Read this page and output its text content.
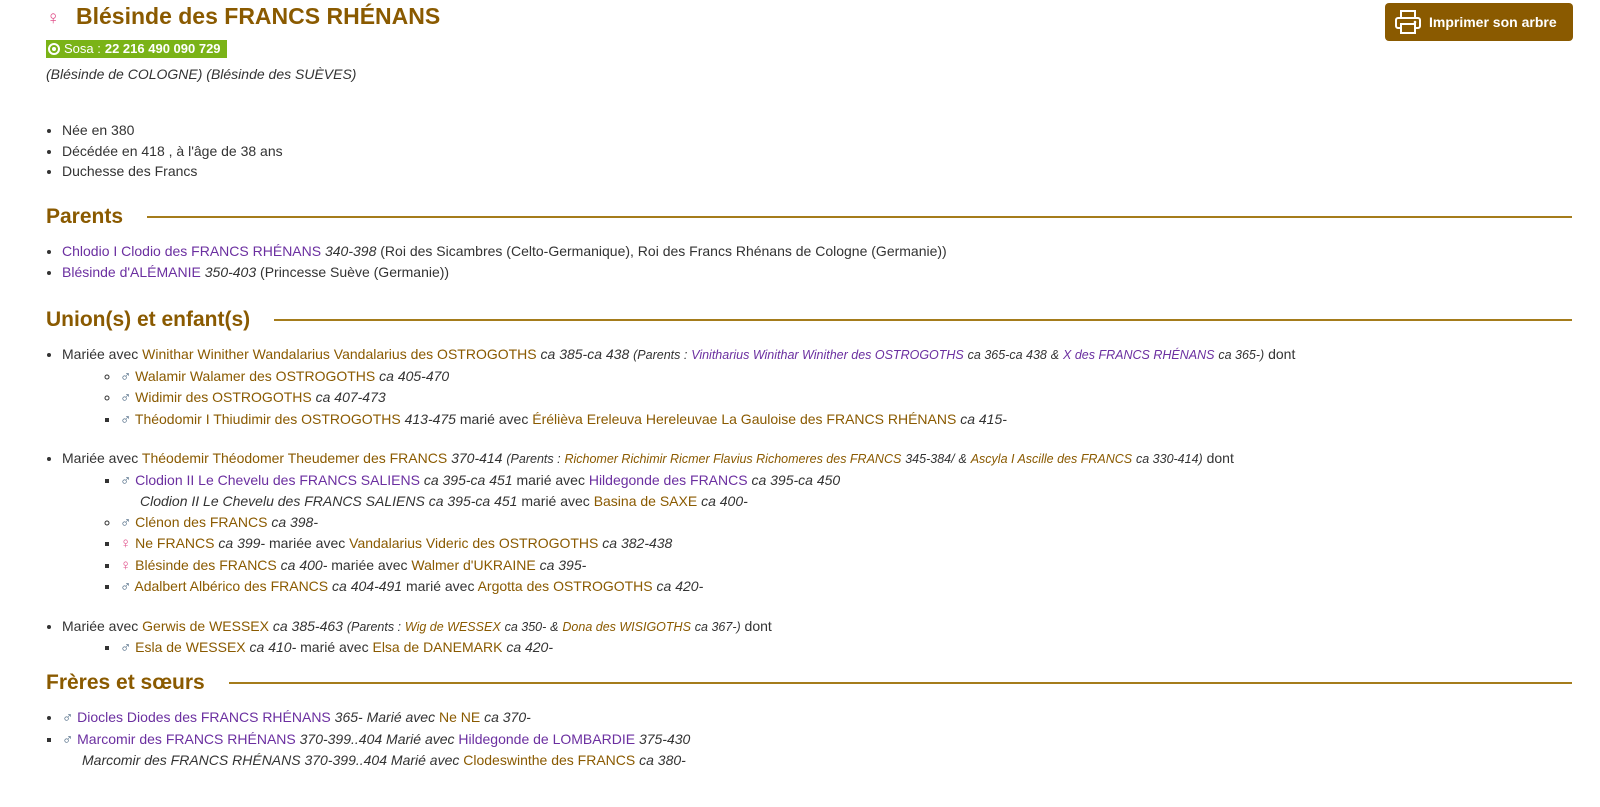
♀ Blésinde des FRANCS RHÉNANS
Sosa : 22 216 490 090 729
(Blésinde de COLOGNE) (Blésinde des SUÈVES)
Imprimer son arbre
• Née en 380
• Décédée en 418 , à l'âge de 38 ans
• Duchesse des Francs
Parents
• Chlodio I Clodio des FRANCS RHÉNANS 340-398 (Roi des Sicambres (Celto-Germanique), Roi des Francs Rhénans de Cologne (Germanie))
• Blésinde d'ALÉMANIE 350-403 (Princesse Suève (Germanie))
Union(s) et enfant(s)
• Mariée avec Winithar Winither Wandalarius Vandalarius des OSTROGOTHS ca 385-ca 438 (Parents : Vinitharius Winithar Winither des OSTROGOTHS ca 365-ca 438 & X des FRANCS RHÉNANS ca 365-) dont
◦ ♂ Walamir Walamer des OSTROGOTHS ca 405-470
◦ ♂ Widimir des OSTROGOTHS ca 407-473
▪ ♂ Théodomir I Thiudimir des OSTROGOTHS 413-475 marié avec Érélièva Ereleuva Hereleuvae La Gauloise des FRANCS RHÉNANS ca 415-
• Mariée avec Théodemir Théodomer Theudemer des FRANCS 370-414 (Parents : Richomer Richimir Ricmer Flavius Richomeres des FRANCS 345-384/ & Ascyla I Ascille des FRANCS ca 330-414) dont
▪ ♂ Clodion II Le Chevelu des FRANCS SALIENS ca 395-ca 451 marié avec Hildegonde des FRANCS ca 395-ca 450
Clodion II Le Chevelu des FRANCS SALIENS ca 395-ca 451 marié avec Basina de SAXE ca 400-
◦ ♂ Clénon des FRANCS ca 398-
▪ ♀ Ne FRANCS ca 399- mariée avec Vandalarius Videric des OSTROGOTHS ca 382-438
▪ ♀ Blésinde des FRANCS ca 400- mariée avec Walmer d'UKRAINE ca 395-
▪ ♂ Adalbert Albérico des FRANCS ca 404-491 marié avec Argotta des OSTROGOTHS ca 420-
• Mariée avec Gerwis de WESSEX ca 385-463 (Parents : Wig de WESSEX ca 350- & Dona des WISIGOTHS ca 367-) dont
▪ ♂ Esla de WESSEX ca 410- marié avec Elsa de DANEMARK ca 420-
Frères et sœurs
• ♂ Diocles Diodes des FRANCS RHÉNANS 365- Marié avec Ne NE ca 370-
▪ ♂ Marcomir des FRANCS RHÉNANS 370-399..404 Marié avec Hildegonde de LOMBARDIE 375-430
Marcomir des FRANCS RHÉNANS 370-399..404 Marié avec Clodeswinthe des FRANCS ca 380-
